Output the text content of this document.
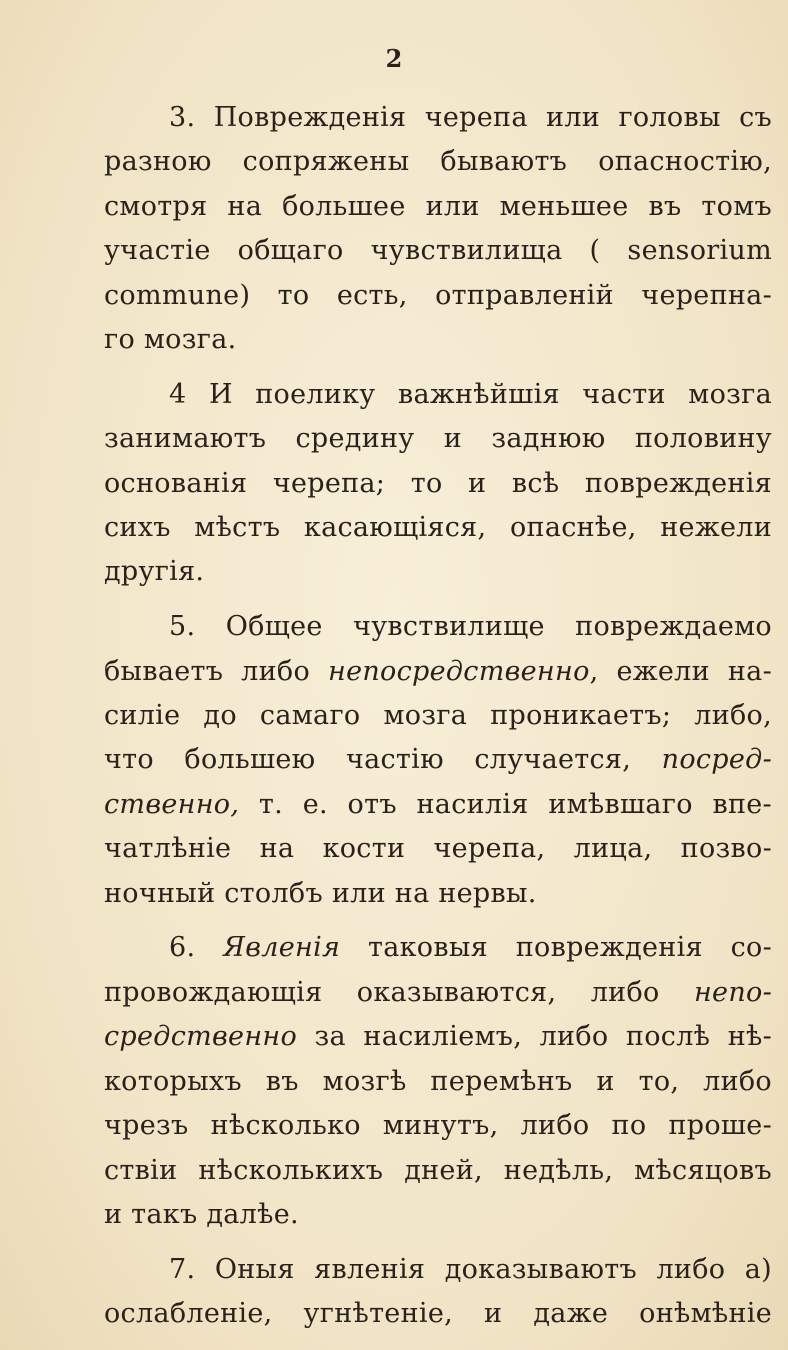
2
3. Поврежденія черепа или головы съ
разною сопряжены бываютъ опасностію,
смотря на большее или меньшее въ томъ
участіе общаго чувствилища ( sensorium
commune) то есть, отправленій черепна-
го мозга.
4 И поелику важнѣйшія части мозга
занимаютъ средину и заднюю половину
основанія черепа; то и всѣ поврежденія
сихъ мѣстъ касающіяся, опаснѣе, нежели
другія.
5. Общее чувствилище повреждаемо
бываетъ либо непосредственно, ежели на-
силіе до самаго мозга проникаетъ; либо,
что большею частію случается, посред-
ственно, т. е. отъ насилія имѣвшаго впе-
чатлѣніе на кости черепа, лица, позво-
ночный столбъ или на нервы.
6. Явленія таковыя поврежденія со-
провождающія оказываются, либо непо-
средственно за насиліемъ, либо послѣ нѣ-
которыхъ въ мозгѣ перемѣнъ и то, либо
чрезъ нѣсколько минутъ, либо по проше-
ствіи нѣсколькихъ дней, недѣль, мѣсяцовъ
и такъ далѣе.
7. Оныя явленія доказываютъ либо а)
ослабленіе, угнѣтеніе, и даже онѣмѣніе
